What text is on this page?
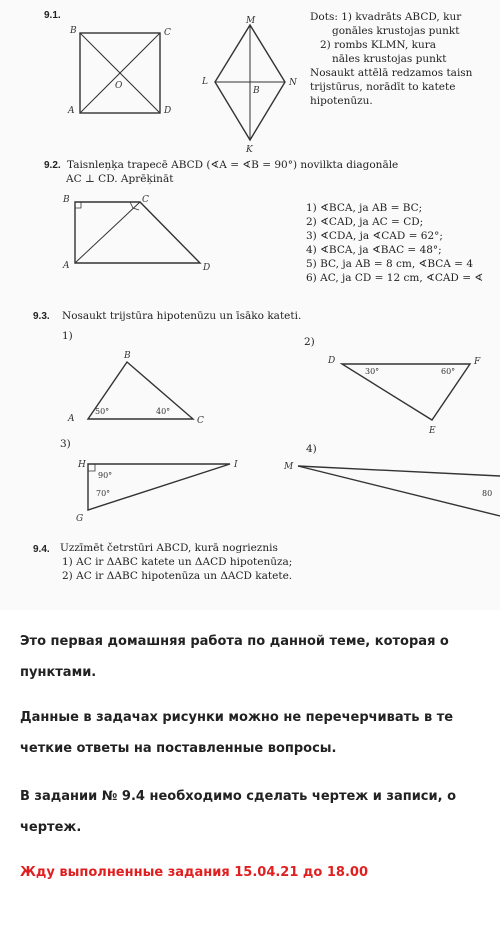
9.1.
B	C
A	D
O
M
L	N
B
K
Dots: 1) kvadrāts ABCD, kur
gonāles krustojas punkt
2) rombs KLMN, kura
nāles krustojas punkt
Nosaukt attēlā redzamos taisn
trijstūrus, norādīt to katete
hipotenūzu.
9.2. Taisnleņķa trapecē ABCD (∢A = ∢B = 90°) novilkta diagonāle
AC ⊥ CD. Aprēķināt
B	C
A	D
1) ∢BCA, ja AB = BC;
2) ∢CAD, ja AC = CD;
3) ∢CDA, ja ∢CAD = 62°;
4) ∢BCA, ja ∢BAC = 48°;
5) BC, ja AB = 8 cm, ∢BCA = 4
6) AC, ja CD = 12 cm, ∢CAD = ∢
9.3. Nosaukt trijstūra hipotenūzu un īsāko kateti.
1)	2)
3)	4)
B
A	C
50°	40°
D	F
E
30°	60°
H	I
G
90°
70°
M
80
9.4. Uzzīmēt četrstūri ABCD, kurā nogrieznis
1) AC ir ΔABC katete un ΔACD hipotenūza;
2) AC ir ΔABC hipotenūza un ΔACD katete.
Это первая домашняя работа по данной теме, которая о
пунктами.
Данные в задачах рисунки можно не перечерчивать в те
четкие ответы на поставленные вопросы.
В задании № 9.4 необходимо сделать чертеж и записи, о
чертеж.
Жду выполненные задания 15.04.21 до 18.00
